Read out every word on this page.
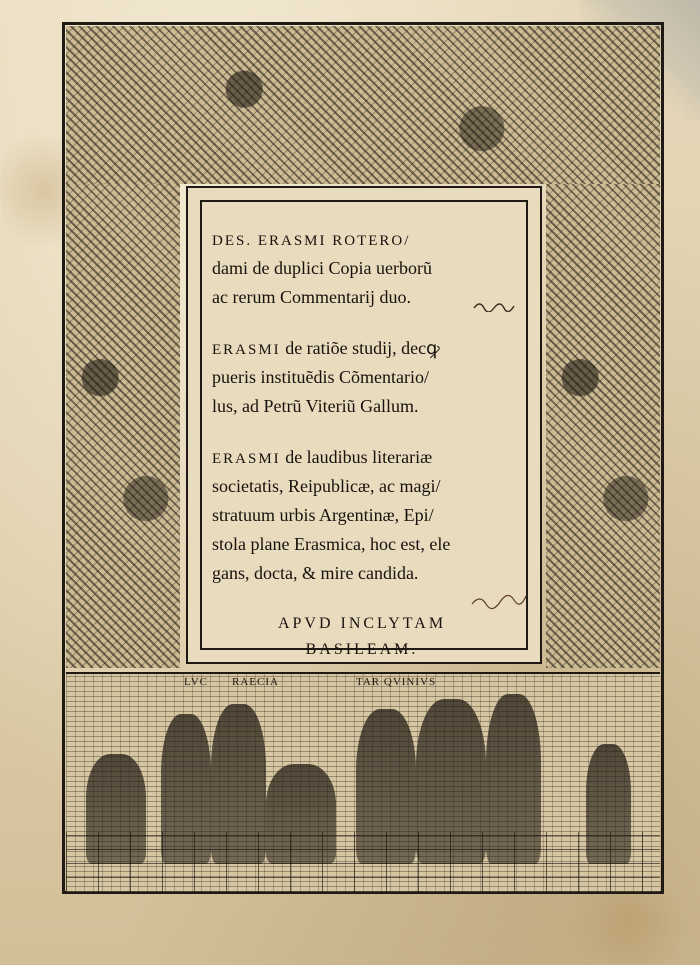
LVC RAECIA	TAR QVINIVS

DES. ERASMI ROTERO/

dami de duplici Copia uerborũ

ac rerum Commentarij duo.

ERASMI de ratiõe studij, decꝙ

pueris instituẽdis Cõmentario/

lus, ad Petrũ Viteriũ Gallum.

ERASMI de laudibus literariæ

societatis, Reipublicæ, ac magi/

stratuum urbis Argentinæ, Epi/

stola plane Erasmica, hoc est, ele

gans, docta, & mire candida.

APVD INCLYTAM

BASILEAM.
